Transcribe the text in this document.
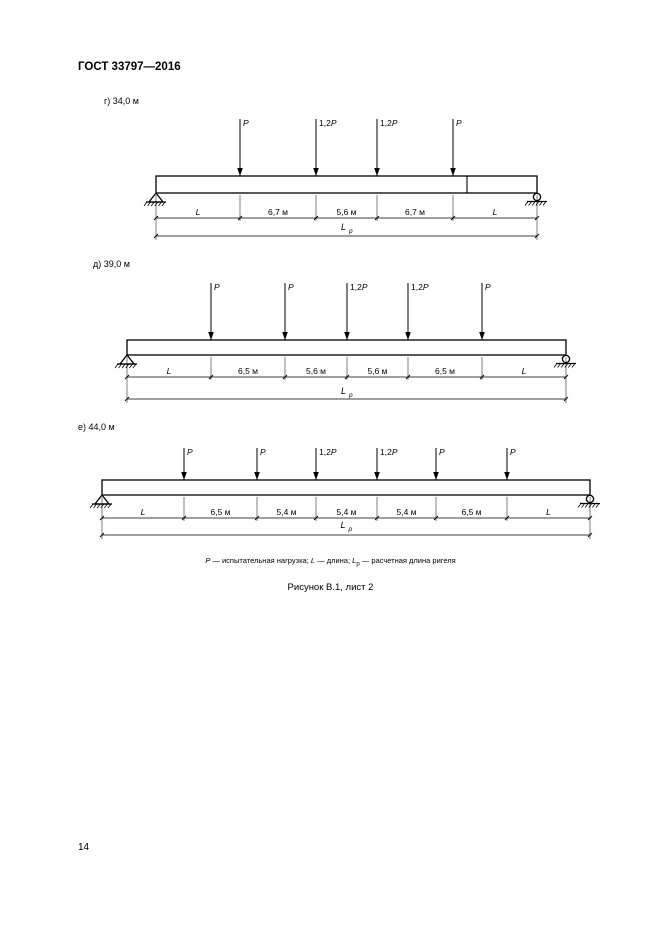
ГОСТ 33797—2016
г) 34,0 м
д) 39,0 м
е) 44,0 м
P	1,2P	1,2P	P
L	6,7 м	5,6 м	6,7 м	L
L p
P	P	1,2P	1,2P	P
L	6,5 м	5,6 м	5,6 м	6,5 м	L
L p
P	P	1,2P	1,2P	P	P
L	6,5 м	5,4 м	5,4 м	5,4 м	6,5 м	L
L p
P — испытательная нагрузка; L — длина; $L_p$ — расчетная длина ригеля
Рисунок В.1, лист 2
14
